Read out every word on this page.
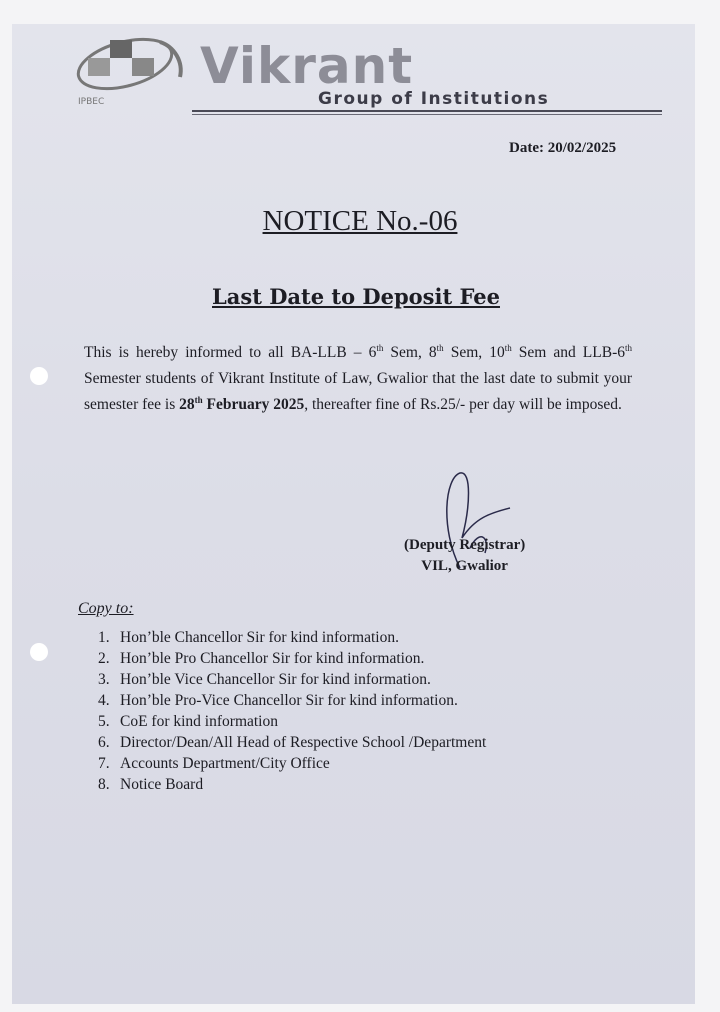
IPBEC
Vikrant
Group of Institutions
Date: 20/02/2025
NOTICE No.-06
Last Date to Deposit Fee
This is hereby informed to all BA-LLB – 6th Sem, 8th Sem, 10th Sem and LLB-6th Semester students of Vikrant Institute of Law, Gwalior that the last date to submit your semester fee is 28th February 2025, thereafter fine of Rs.25/- per day will be imposed.
(Deputy Registrar)
VIL, Gwalior
Copy to:
1. Hon’ble Chancellor Sir for kind information.
2. Hon’ble Pro Chancellor Sir for kind information.
3. Hon’ble Vice Chancellor Sir for kind information.
4. Hon’ble Pro-Vice Chancellor Sir for kind information.
5. CoE for kind information
6. Director/Dean/All Head of Respective School /Department
7. Accounts Department/City Office
8. Notice Board
